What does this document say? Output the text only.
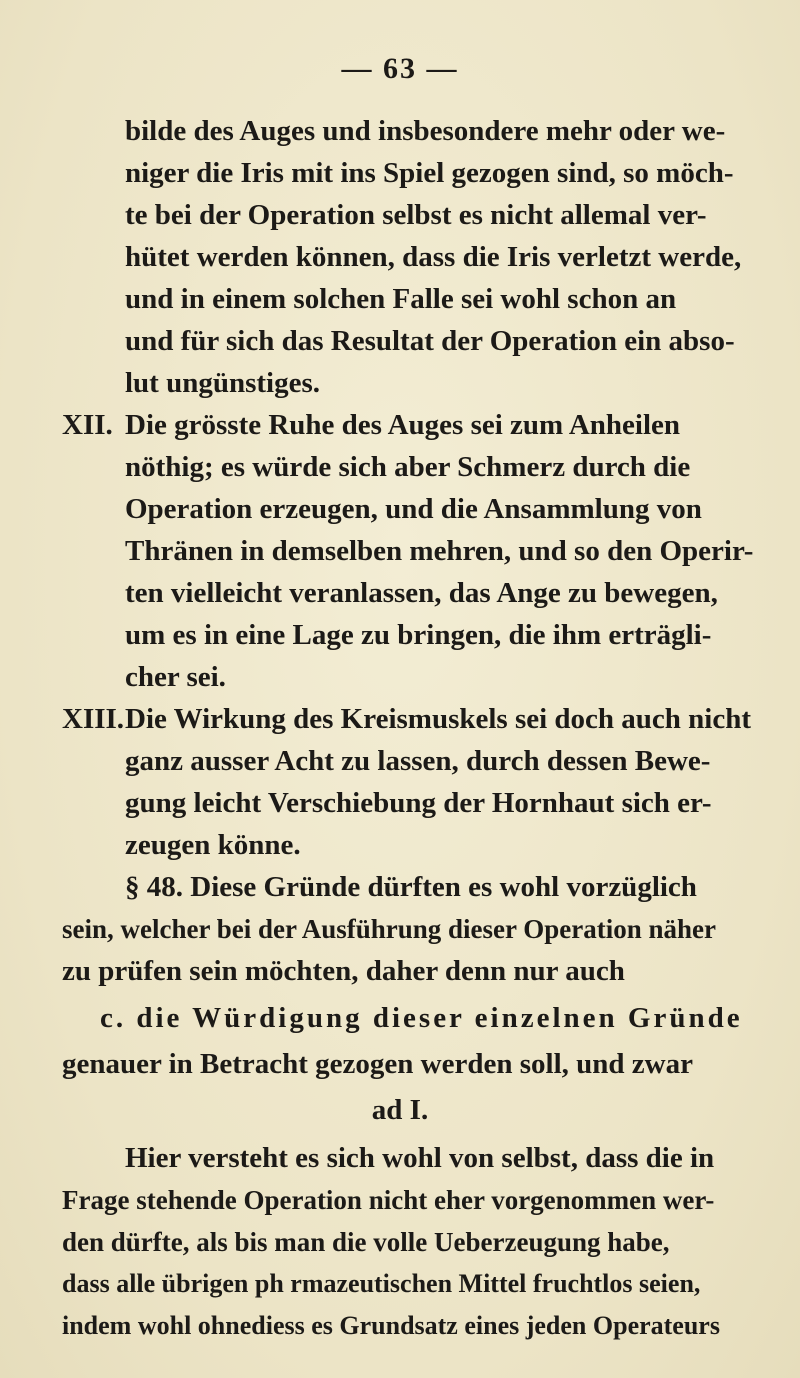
— 63 —
bilde des Auges und insbesondere mehr oder we-
niger die Iris mit ins Spiel gezogen sind, so möch-
te bei der Operation selbst es nicht allemal ver-
hütet werden können, dass die Iris verletzt werde,
und in einem solchen Falle sei wohl schon an
und für sich das Resultat der Operation ein abso-
lut ungünstiges.
XII. Die grösste Ruhe des Auges sei zum Anheilen
nöthig; es würde sich aber Schmerz durch die
Operation erzeugen, und die Ansammlung von
Thränen in demselben mehren, und so den Operir-
ten vielleicht veranlassen, das Ange zu bewegen,
um es in eine Lage zu bringen, die ihm erträgli-
cher sei.
XIII. Die Wirkung des Kreismuskels sei doch auch nicht
ganz ausser Acht zu lassen, durch dessen Bewe-
gung leicht Verschiebung der Hornhaut sich er-
zeugen könne.
§ 48. Diese Gründe dürften es wohl vorzüglich
sein, welcher bei der Ausführung dieser Operation näher
zu prüfen sein möchten, daher denn nur auch
c. die Würdigung dieser einzelnen Gründe
genauer in Betracht gezogen werden soll, und zwar
ad I.
Hier versteht es sich wohl von selbst, dass die in
Frage stehende Operation nicht eher vorgenommen wer-
den dürfte, als bis man die volle Ueberzeugung habe,
dass alle übrigen ph rmazeutischen Mittel fruchtlos seien,
indem wohl ohnediess es Grundsatz eines jeden Operateurs
